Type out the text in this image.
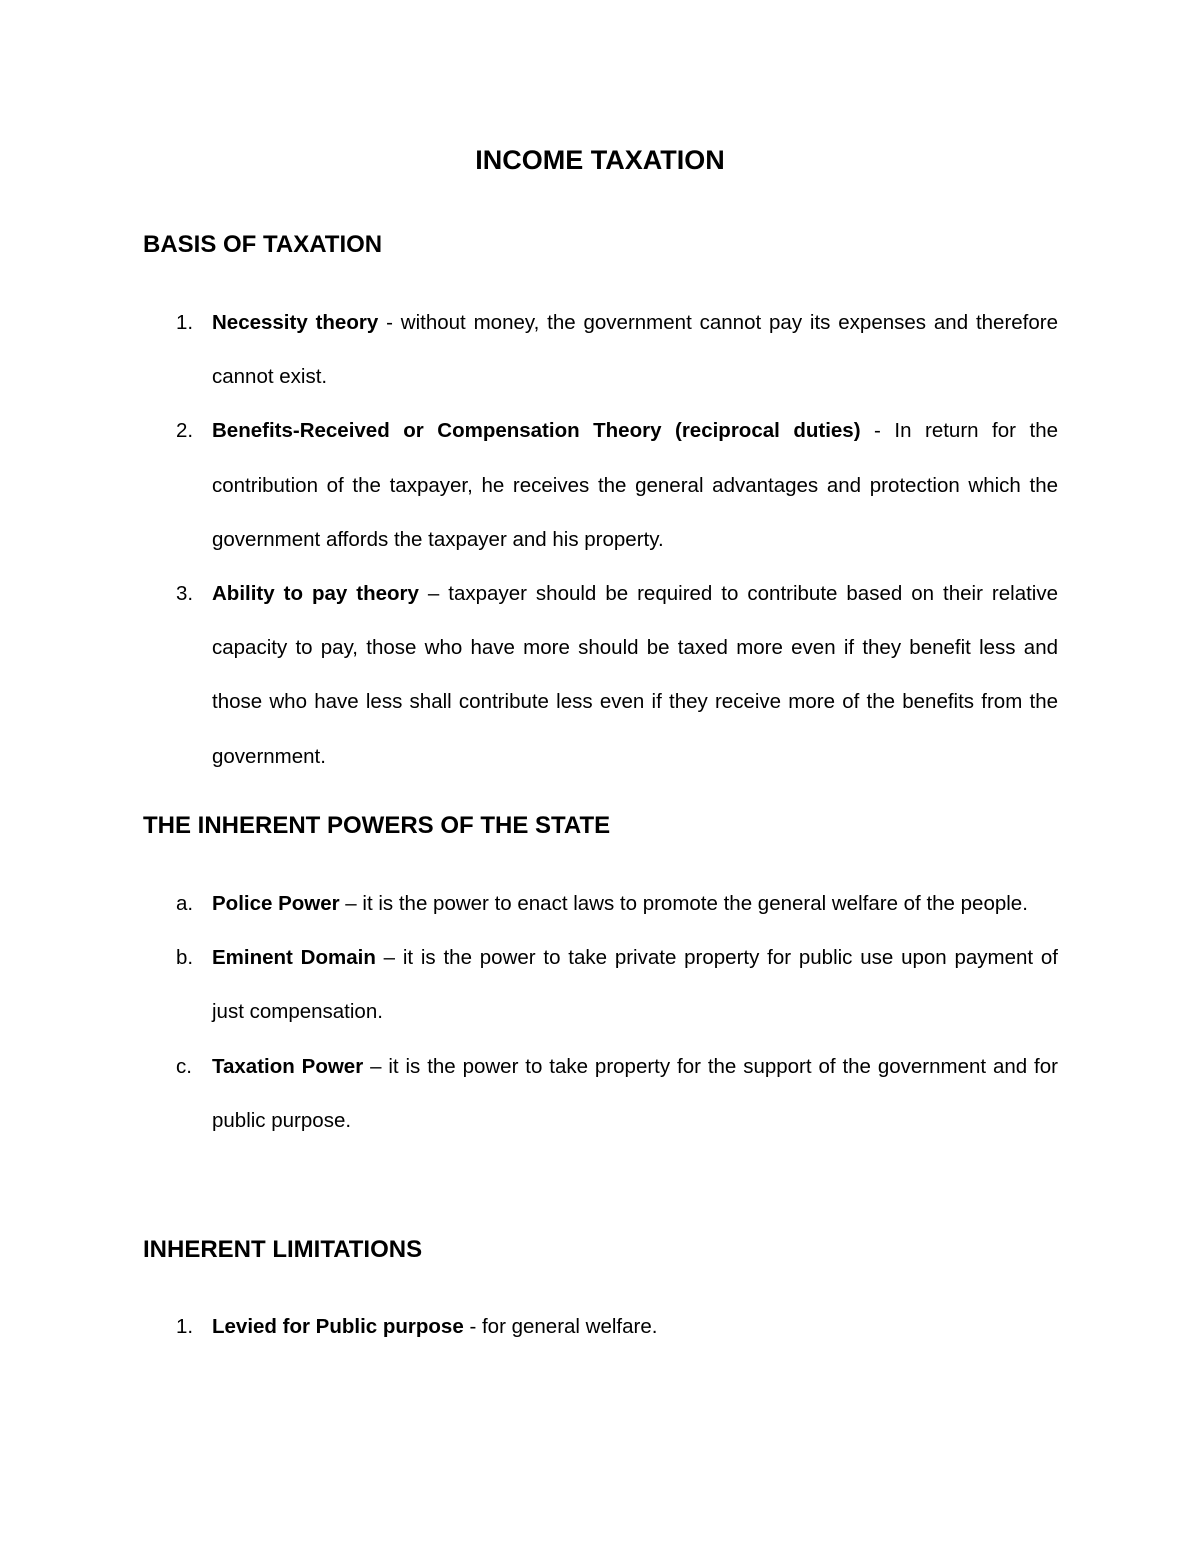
INCOME TAXATION
BASIS OF TAXATION
1. Necessity theory - without money, the government cannot pay its expenses and therefore cannot exist.
2. Benefits-Received or Compensation Theory (reciprocal duties) - In return for the contribution of the taxpayer, he receives the general advantages and protection which the government affords the taxpayer and his property.
3. Ability to pay theory – taxpayer should be required to contribute based on their relative capacity to pay, those who have more should be taxed more even if they benefit less and those who have less shall contribute less even if they receive more of the benefits from the government.
THE INHERENT POWERS OF THE STATE
a. Police Power – it is the power to enact laws to promote the general welfare of the people.
b. Eminent Domain – it is the power to take private property for public use upon payment of just compensation.
c. Taxation Power – it is the power to take property for the support of the government and for public purpose.
INHERENT LIMITATIONS
1. Levied for Public purpose - for general welfare.
